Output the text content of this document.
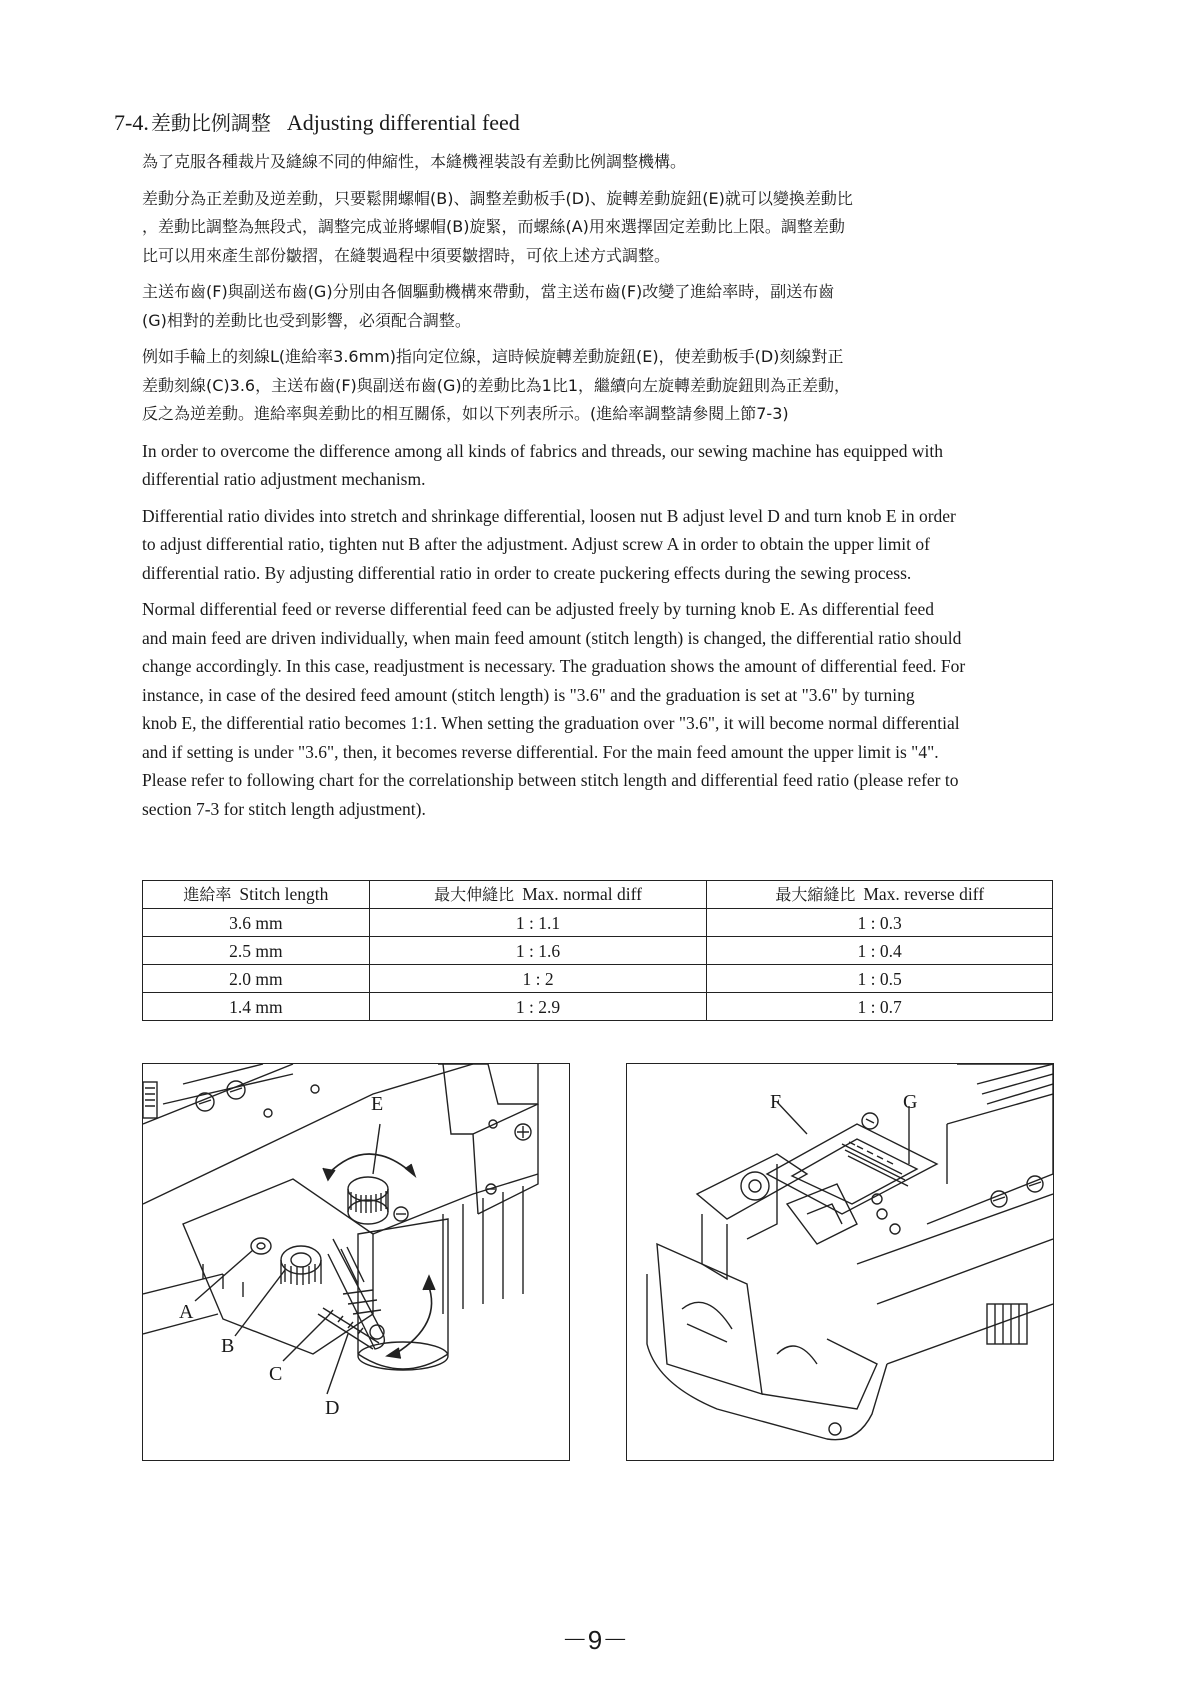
7-4. 差動比例調整 Adjusting differential feed

為了克服各種裁片及縫線不同的伸縮性，本縫機裡裝設有差動比例調整機構。

差動分為正差動及逆差動，只要鬆開螺帽(B)、調整差動板手(D)、旋轉差動旋鈕(E)就可以變換差動比
，差動比調整為無段式，調整完成並將螺帽(B)旋緊，而螺絲(A)用來選擇固定差動比上限。調整差動
比可以用來產生部份皺摺，在縫製過程中須要皺摺時，可依上述方式調整。

主送布齒(F)與副送布齒(G)分別由各個驅動機構來帶動，當主送布齒(F)改變了進給率時，副送布齒
(G)相對的差動比也受到影響，必須配合調整。

例如手輪上的刻線L(進給率3.6mm)指向定位線，這時候旋轉差動旋鈕(E)，使差動板手(D)刻線對正
差動刻線(C)3.6，主送布齒(F)與副送布齒(G)的差動比為1比1，繼續向左旋轉差動旋鈕則為正差動，
反之為逆差動。進給率與差動比的相互關係，如以下列表所示。(進給率調整請參閱上節7-3)

In order to overcome the difference among all kinds of fabrics and threads, our sewing machine has equipped with
differential ratio adjustment mechanism.

Differential ratio divides into stretch and shrinkage differential, loosen nut B adjust level D and turn knob E in order
to adjust differential ratio, tighten nut B after the adjustment. Adjust screw A in order to obtain the upper limit of
differential ratio. By adjusting differential ratio in order to create puckering effects during the sewing process.

Normal differential feed or reverse differential feed can be adjusted freely by turning knob E. As differential feed
and main feed are driven individually, when main feed amount (stitch length) is changed, the differential ratio should
change accordingly. In this case, readjustment is necessary. The graduation shows the amount of differential feed. For
instance, in case of the desired feed amount (stitch length) is "3.6" and the graduation is set at "3.6" by turning
knob E, the differential ratio becomes 1:1. When setting the graduation over "3.6", it will become normal differential
and if setting is under "3.6", then, it becomes reverse differential. For the main feed amount the upper limit is "4".
Please refer to following chart for the correlationship between stitch length and differential feed ratio (please refer to
section 7-3 for stitch length adjustment).

進給率 Stitch length	最大伸縫比 Max. normal diff	最大縮縫比 Max. reverse diff
3.6 mm	1 : 1.1	1 : 0.3
2.5 mm	1 : 1.6	1 : 0.4
2.0 mm	1 : 2	1 : 0.5
1.4 mm	1 : 2.9	1 : 0.7
E
A
B
C
D
F	G
－9－
